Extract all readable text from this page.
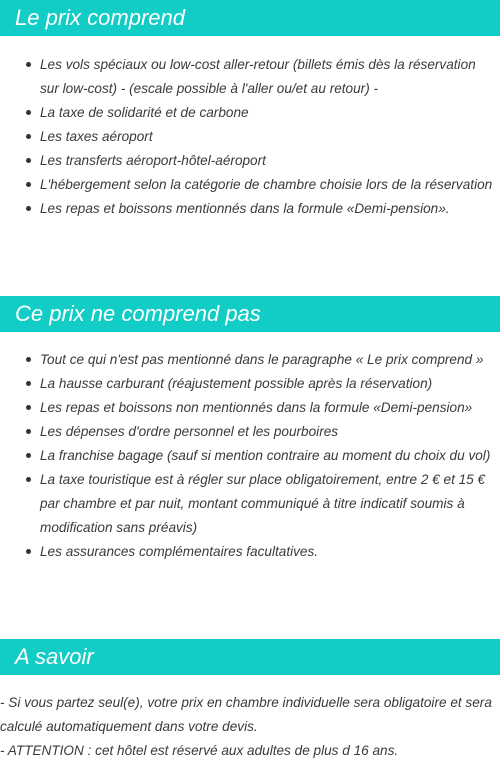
Le prix comprend
Les vols spéciaux ou low-cost aller-retour (billets émis dès la réservation sur low-cost) - (escale possible à l'aller ou/et au retour) -
La taxe de solidarité et de carbone
Les taxes aéroport
Les transferts aéroport-hôtel-aéroport
L'hébergement selon la catégorie de chambre choisie lors de la réservation
Les repas et boissons mentionnés dans la formule «Demi-pension».
Ce prix ne comprend pas
Tout ce qui n'est pas mentionné dans le paragraphe « Le prix comprend »
La hausse carburant (réajustement possible après la réservation)
Les repas et boissons non mentionnés dans la formule «Demi-pension»
Les dépenses d'ordre personnel et les pourboires
La franchise bagage (sauf si mention contraire au moment du choix du vol)
La taxe touristique est à régler sur place obligatoirement, entre 2 € et 15 € par chambre et par nuit, montant communiqué à titre indicatif soumis à modification sans préavis)
Les assurances complémentaires facultatives.
A savoir

- Si vous partez seul(e), votre prix en chambre individuelle sera obligatoire et sera calculé automatiquement dans votre devis.

- ATTENTION : cet hôtel est réservé aux adultes de plus d 16 ans.
